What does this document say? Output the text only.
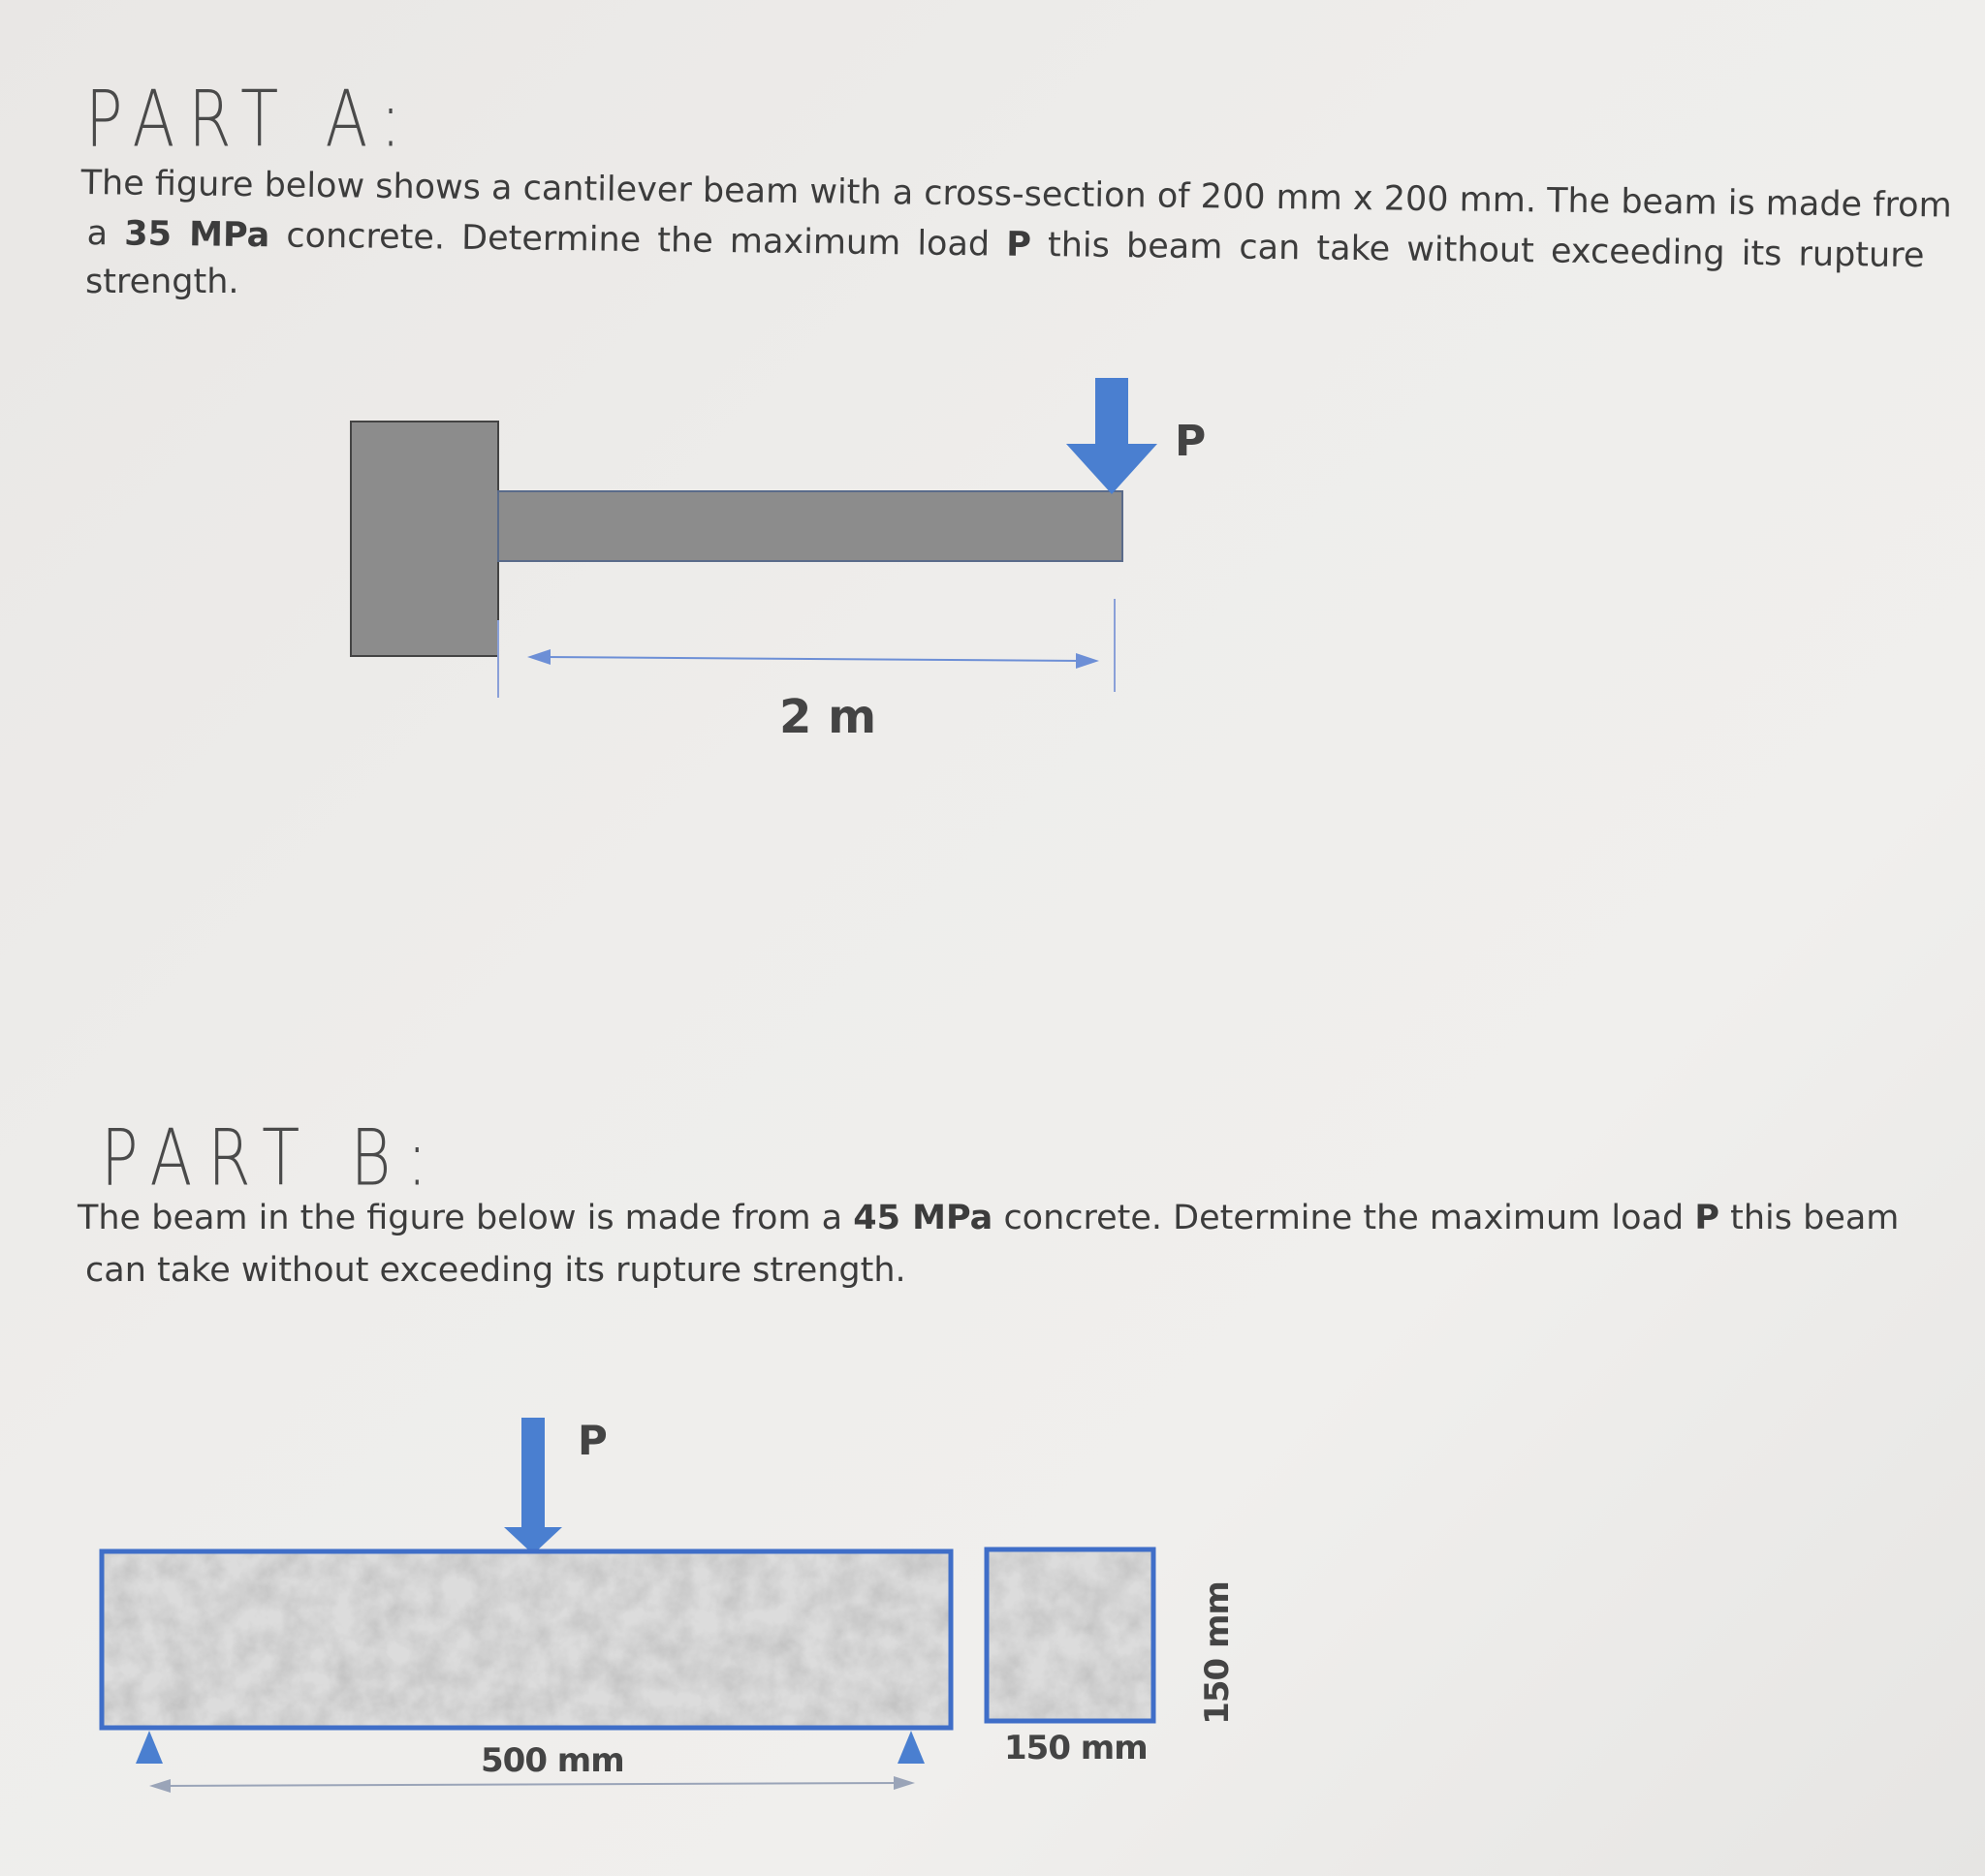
PART A:
The figure below shows a cantilever beam with a cross-section of 200 mm x 200 mm. The beam is made from
a 35 MPa concrete. Determine the maximum load P this beam can take without exceeding its rupture
strength.
P
2 m
PART B:
The beam in the figure below is made from a 45 MPa concrete. Determine the maximum load P this beam
can take without exceeding its rupture strength.
P
500 mm	150 mm
150 mm
